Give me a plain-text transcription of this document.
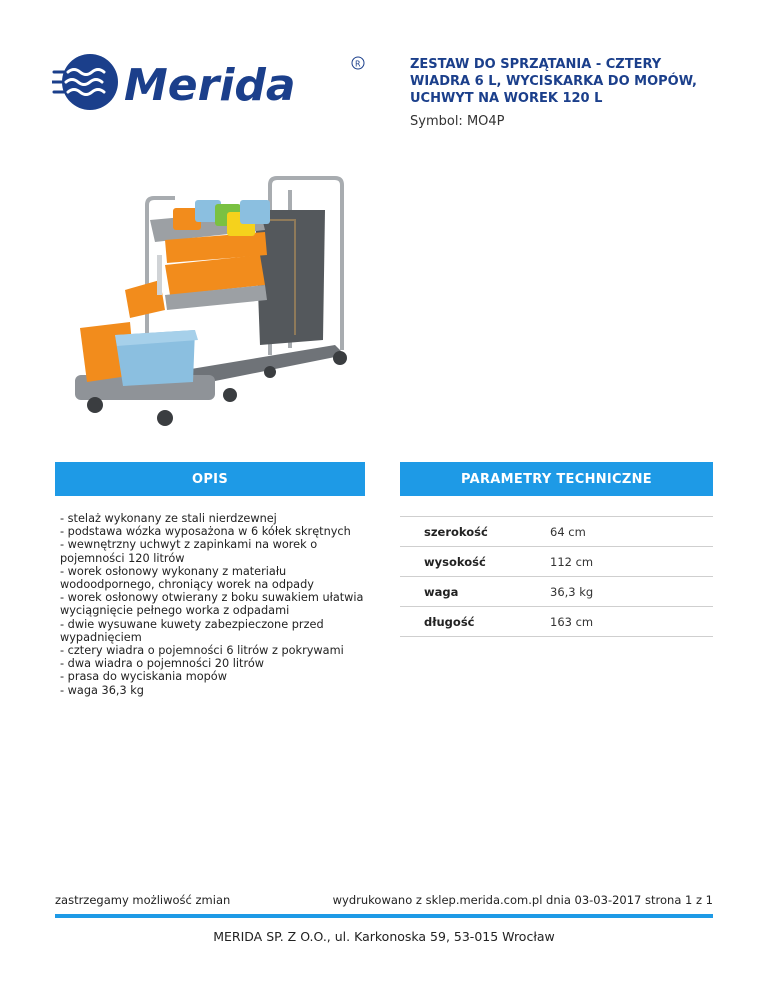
Merida	R	ZESTAW DO SPRZĄTANIA - CZTERY WIADRA 6 L, WYCISKARKA DO MOPÓW, UCHWYT NA WOREK 120 L
Symbol: MO4P
OPIS	PARAMETRY TECHNICZNE
- stelaż wykonany ze stali nierdzewnej
- podstawa wózka wyposażona w 6 kółek skrętnych
- wewnętrzny uchwyt z zapinkami na worek o pojemności 120 litrów
- worek osłonowy wykonany z materiału wodoodpornego, chroniący worek na odpady
- worek osłonowy otwierany z boku suwakiem ułatwia wyciągnięcie pełnego worka z odpadami
- dwie wysuwane kuwety zabezpieczone przed wypadnięciem
- cztery wiadra o pojemności 6 litrów z pokrywami
- dwa wiadra o pojemności 20 litrów
- prasa do wyciskania mopów
- waga 36,3 kg
szerokość	64 cm
wysokość	112 cm
waga	36,3 kg
długość	163 cm
zastrzegamy możliwość zmian	wydrukowano z sklep.merida.com.pl dnia 03-03-2017 strona 1 z 1
MERIDA SP. Z O.O., ul. Karkonoska 59, 53-015 Wrocław
